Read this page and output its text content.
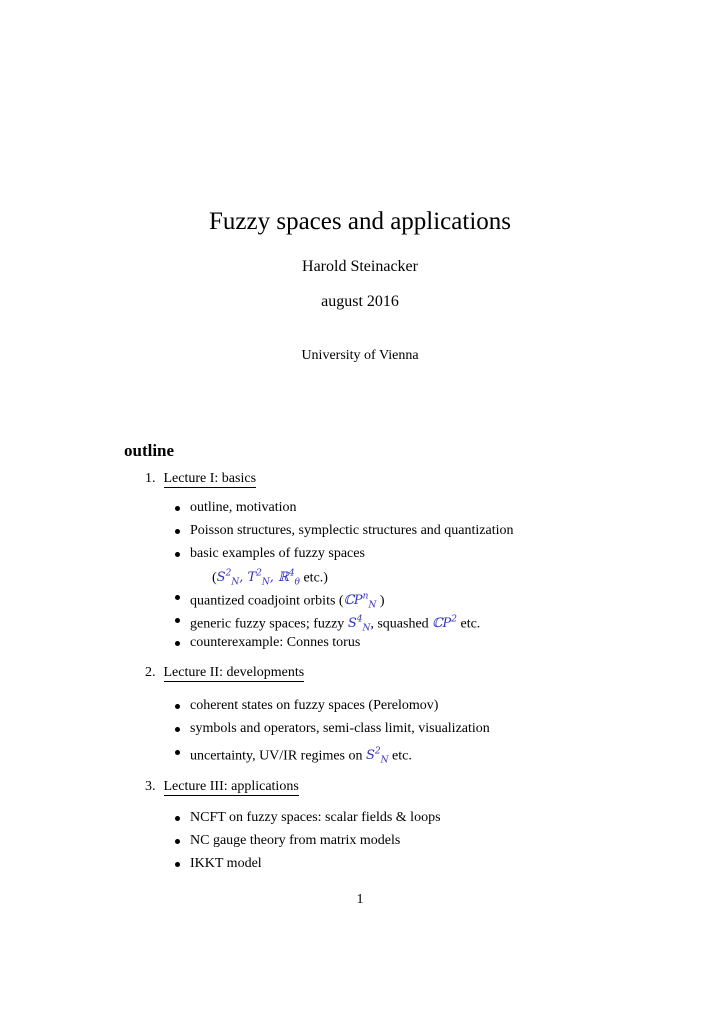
Fuzzy spaces and applications
Harold Steinacker
august 2016
University of Vienna
outline
1. Lecture I: basics
outline, motivation
Poisson structures, symplectic structures and quantization
basic examples of fuzzy spaces
($S^2_N$, $T^2_N$, ℝ$^4_\theta$ etc.)
quantized coadjoint orbits (ℂP$^n_N$ )
generic fuzzy spaces; fuzzy $S^4_N$, squashed ℂP$^2$ etc.
counterexample: Connes torus
2. Lecture II: developments
coherent states on fuzzy spaces (Perelomov)
symbols and operators, semi-class limit, visualization
uncertainty, UV/IR regimes on $S^2_N$ etc.
3. Lecture III: applications
NCFT on fuzzy spaces: scalar fields & loops
NC gauge theory from matrix models
IKKT model
1
